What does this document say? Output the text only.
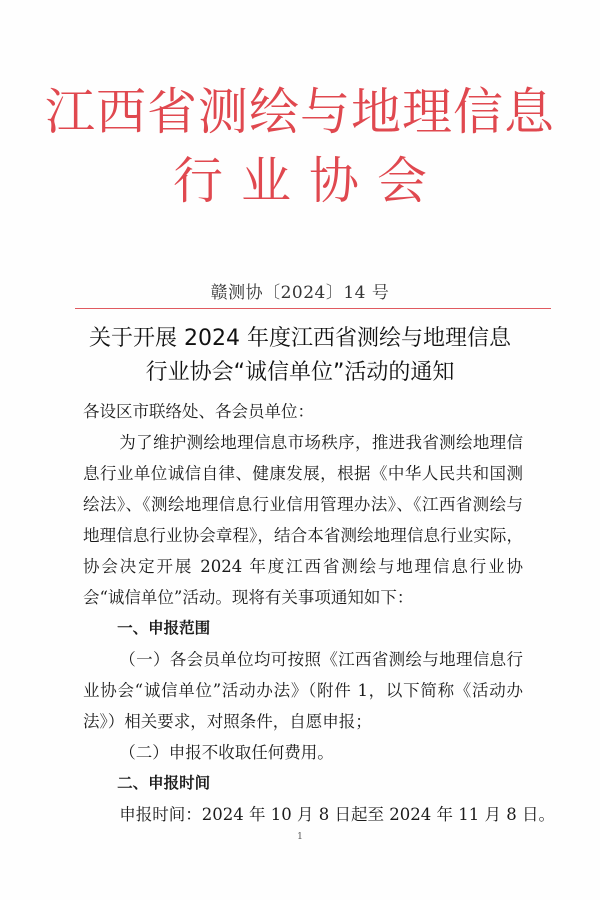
江西省测绘与地理信息
行业协会
赣测协〔2024〕14 号
关于开展 2024 年度江西省测绘与地理信息
行业协会“诚信单位”活动的通知

各设区市联络处、各会员单位：

为了维护测绘地理信息市场秩序，推进我省测绘地理信息行业单位诚信自律、健康发展，根据《中华人民共和国测绘法》、《测绘地理信息行业信用管理办法》、《江西省测绘与地理信息行业协会章程》，结合本省测绘地理信息行业实际，协会决定开展 2024 年度江西省测绘与地理信息行业协会“诚信单位”活动。现将有关事项通知如下：

一、申报范围

（一）各会员单位均可按照《江西省测绘与地理信息行业协会“诚信单位”活动办法》（附件 1，以下简称《活动办法》）相关要求，对照条件，自愿申报；

（二）申报不收取任何费用。

二、申报时间

申报时间：2024 年 10 月 8 日起至 2024 年 11 月 8 日。

1
